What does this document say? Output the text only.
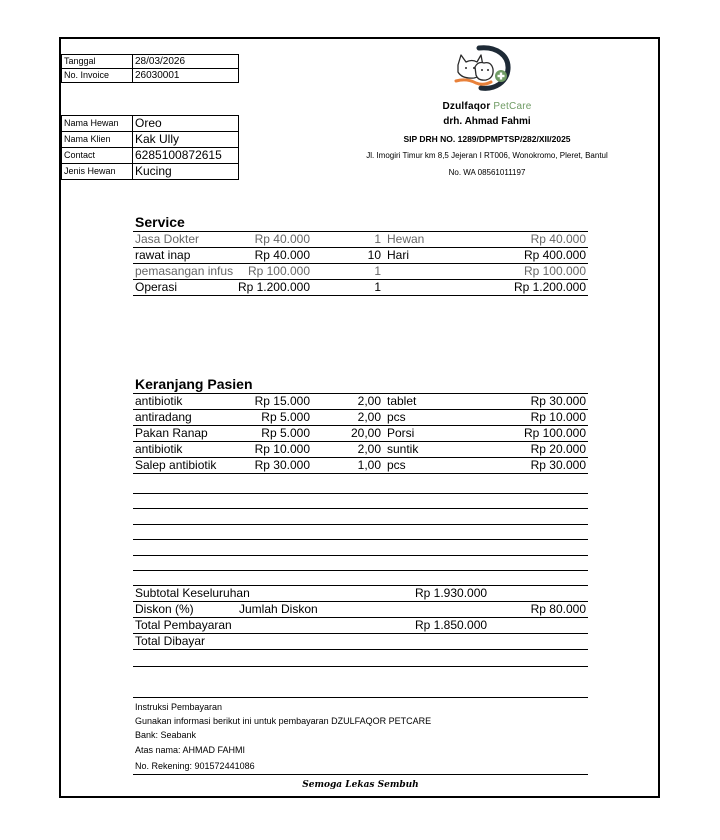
Tanggal	28/03/2026
No. Invoice	26030001
Nama Hewan	Oreo
Nama Klien	Kak Ully
Contact	6285100872615
Jenis Hewan	Kucing
Dzulfaqor PetCare
drh. Ahmad Fahmi
SIP DRH NO. 1289/DPMPTSP/282/XII/2025
Jl. Imogiri Timur km 8,5 Jejeran I RT006, Wonokromo, Pleret, Bantul
No. WA 08561011197
Service
Jasa Dokter	Rp 40.000	1 Hewan	Rp 40.000
rawat inap	Rp 40.000	10 Hari	Rp 400.000
pemasangan infus Rp 100.000	1	Rp 100.000
Operasi	Rp 1.200.000	1	Rp 1.200.000
Keranjang Pasien
antibiotik	Rp 15.000	2,00 tablet	Rp 30.000
antiradang	Rp 5.000	2,00 pcs	Rp 10.000
Pakan Ranap	Rp 5.000	20,00 Porsi	Rp 100.000
antibiotik	Rp 10.000	2,00 suntik	Rp 20.000
Salep antibiotik	Rp 30.000	1,00 pcs	Rp 30.000
Subtotal Keseluruhan	Rp 1.930.000
Diskon (%)	Jumlah Diskon	Rp 80.000
Total Pembayaran	Rp 1.850.000
Total Dibayar
Instruksi Pembayaran
Gunakan informasi berikut ini untuk pembayaran DZULFAQOR PETCARE
Bank: Seabank
Atas nama: AHMAD FAHMI
No. Rekening: 901572441086
Semoga Lekas Sembuh
